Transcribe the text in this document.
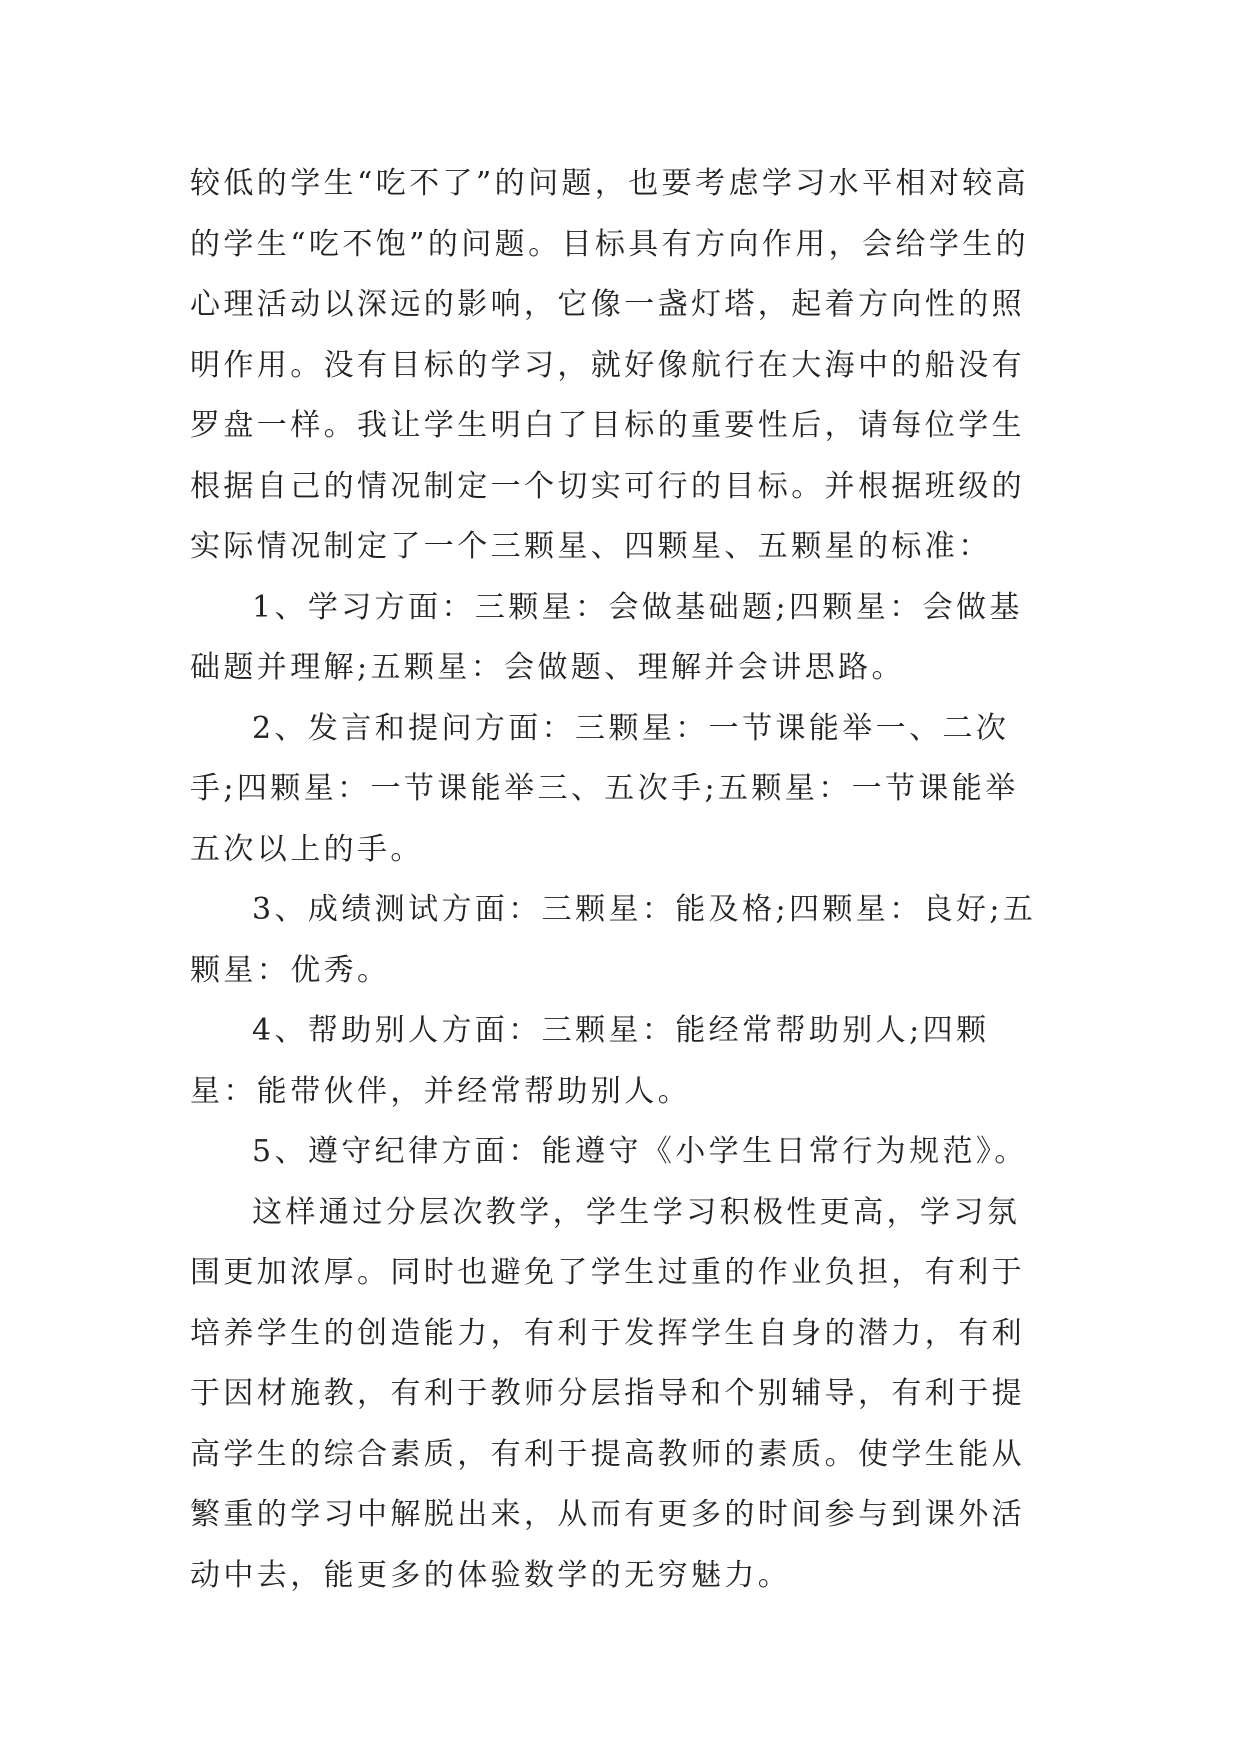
较低的学生“吃不了”的问题，也要考虑学习水平相对较高的学生“吃不饱”的问题。目标具有方向作用，会给学生的心理活动以深远的影响，它像一盏灯塔，起着方向性的照明作用。没有目标的学习，就好像航行在大海中的船没有罗盘一样。我让学生明白了目标的重要性后，请每位学生根据自己的情况制定一个切实可行的目标。并根据班级的实际情况制定了一个三颗星、四颗星、五颗星的标准：

1、学习方面：三颗星：会做基础题;四颗星：会做基础题并理解;五颗星：会做题、理解并会讲思路。

2、发言和提问方面：三颗星：一节课能举一、二次手;四颗星：一节课能举三、五次手;五颗星：一节课能举五次以上的手。

3、成绩测试方面：三颗星：能及格;四颗星：良好;五颗星：优秀。

4、帮助别人方面：三颗星：能经常帮助别人;四颗星：能带伙伴，并经常帮助别人。

5、遵守纪律方面：能遵守《小学生日常行为规范》。

这样通过分层次教学，学生学习积极性更高，学习氛围更加浓厚。同时也避免了学生过重的作业负担，有利于培养学生的创造能力，有利于发挥学生自身的潜力，有利于因材施教，有利于教师分层指导和个别辅导，有利于提高学生的综合素质，有利于提高教师的素质。使学生能从繁重的学习中解脱出来，从而有更多的时间参与到课外活动中去，能更多的体验数学的无穷魅力。
